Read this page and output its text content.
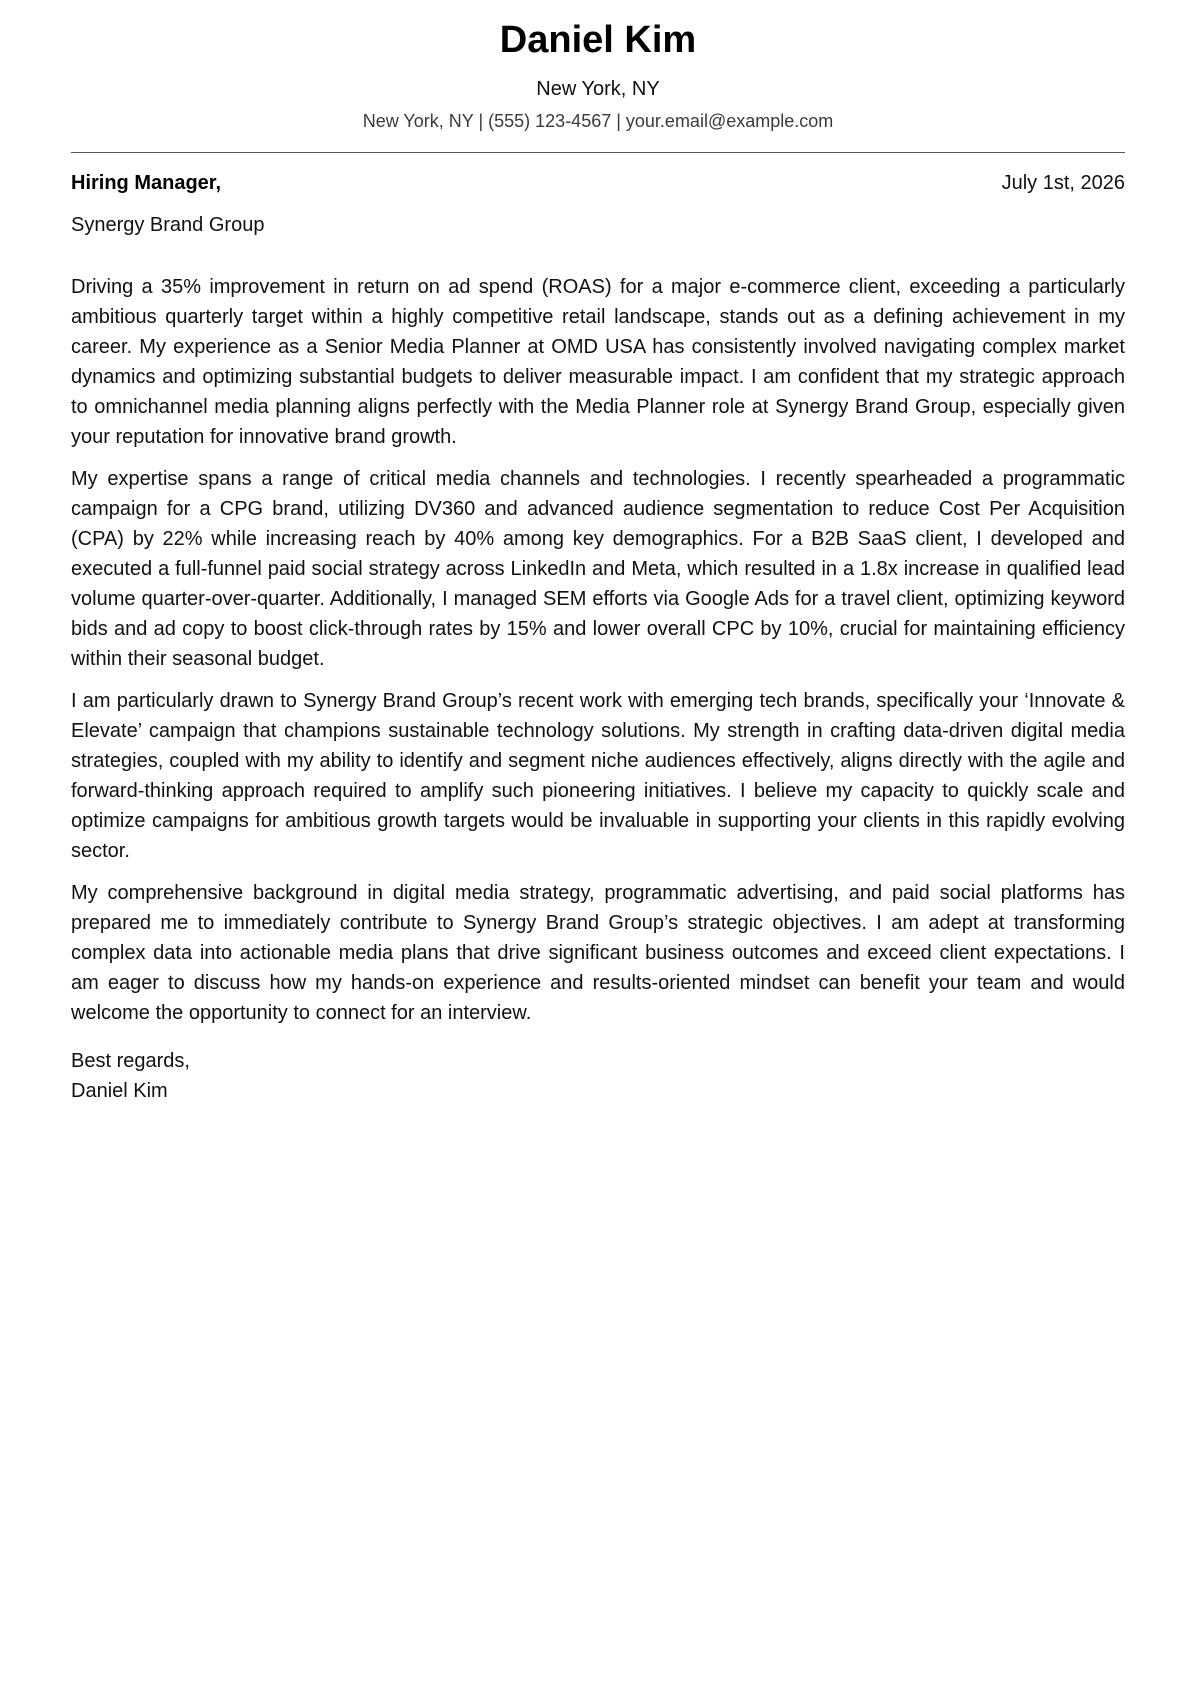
Daniel Kim
New York, NY
New York, NY | (555) 123-4567 | your.email@example.com
Hiring Manager,	July 1st, 2026
Synergy Brand Group

Driving a 35% improvement in return on ad spend (ROAS) for a major e-commerce client, exceeding a particularly ambitious quarterly target within a highly competitive retail landscape, stands out as a defining achievement in my career. My experience as a Senior Media Planner at OMD USA has consistently involved navigating complex market dynamics and optimizing substantial budgets to deliver measurable impact. I am confident that my strategic approach to omnichannel media planning aligns perfectly with the Media Planner role at Synergy Brand Group, especially given your reputation for innovative brand growth.

My expertise spans a range of critical media channels and technologies. I recently spearheaded a programmatic campaign for a CPG brand, utilizing DV360 and advanced audience segmentation to reduce Cost Per Acquisition (CPA) by 22% while increasing reach by 40% among key demographics. For a B2B SaaS client, I developed and executed a full-funnel paid social strategy across LinkedIn and Meta, which resulted in a 1.8x increase in qualified lead volume quarter-over-quarter. Additionally, I managed SEM efforts via Google Ads for a travel client, optimizing keyword bids and ad copy to boost click-through rates by 15% and lower overall CPC by 10%, crucial for maintaining efficiency within their seasonal budget.

I am particularly drawn to Synergy Brand Group’s recent work with emerging tech brands, specifically your ‘Innovate & Elevate’ campaign that champions sustainable technology solutions. My strength in crafting data-driven digital media strategies, coupled with my ability to identify and segment niche audiences effectively, aligns directly with the agile and forward-thinking approach required to amplify such pioneering initiatives. I believe my capacity to quickly scale and optimize campaigns for ambitious growth targets would be invaluable in supporting your clients in this rapidly evolving sector.

My comprehensive background in digital media strategy, programmatic advertising, and paid social platforms has prepared me to immediately contribute to Synergy Brand Group’s strategic objectives. I am adept at transforming complex data into actionable media plans that drive significant business outcomes and exceed client expectations. I am eager to discuss how my hands-on experience and results-oriented mindset can benefit your team and would welcome the opportunity to connect for an interview.

Best regards,
Daniel Kim
